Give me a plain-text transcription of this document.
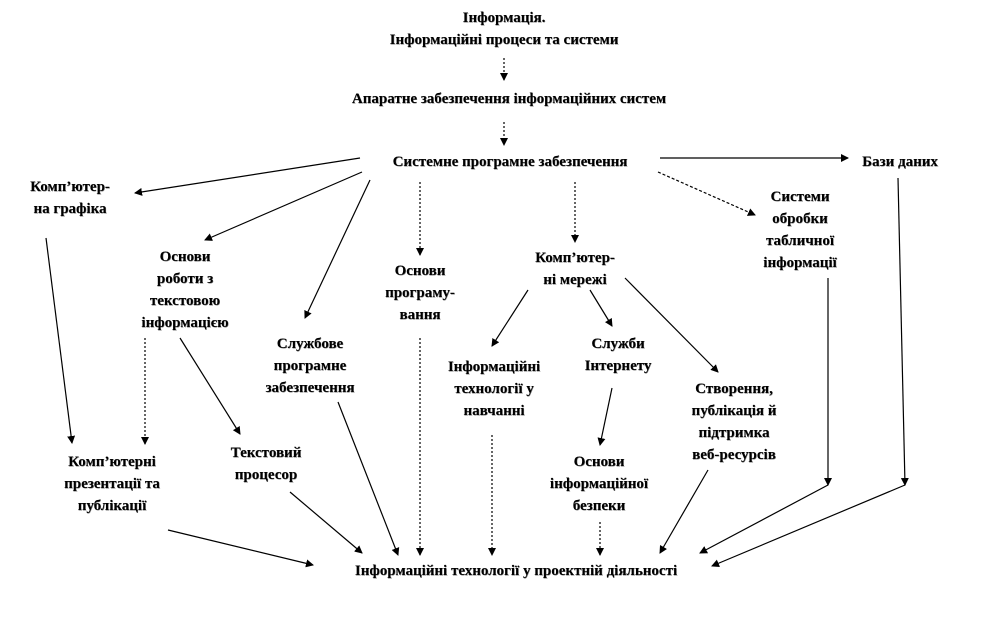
Інформація.
Інформаційні процеси та системи
Апаратне забезпечення інформаційних систем
Системне програмне забезпечення	Бази даних
Комп’ютер-
на графіка
Системи
обробки
табличної
інформації
Основи
роботи з
текстовою
інформацією
Основи
програму-
вання
Комп’ютер-
ні мережі
Службове
програмне
забезпечення
Інформаційні
технології у
навчанні
Служби
Інтернету
Створення,
публікація й
підтримка
веб-ресурсів
Комп’ютерні
презентації та
публікації
Текстовий
процесор
Основи
інформаційної
безпеки
Інформаційні технології у проектній діяльності
